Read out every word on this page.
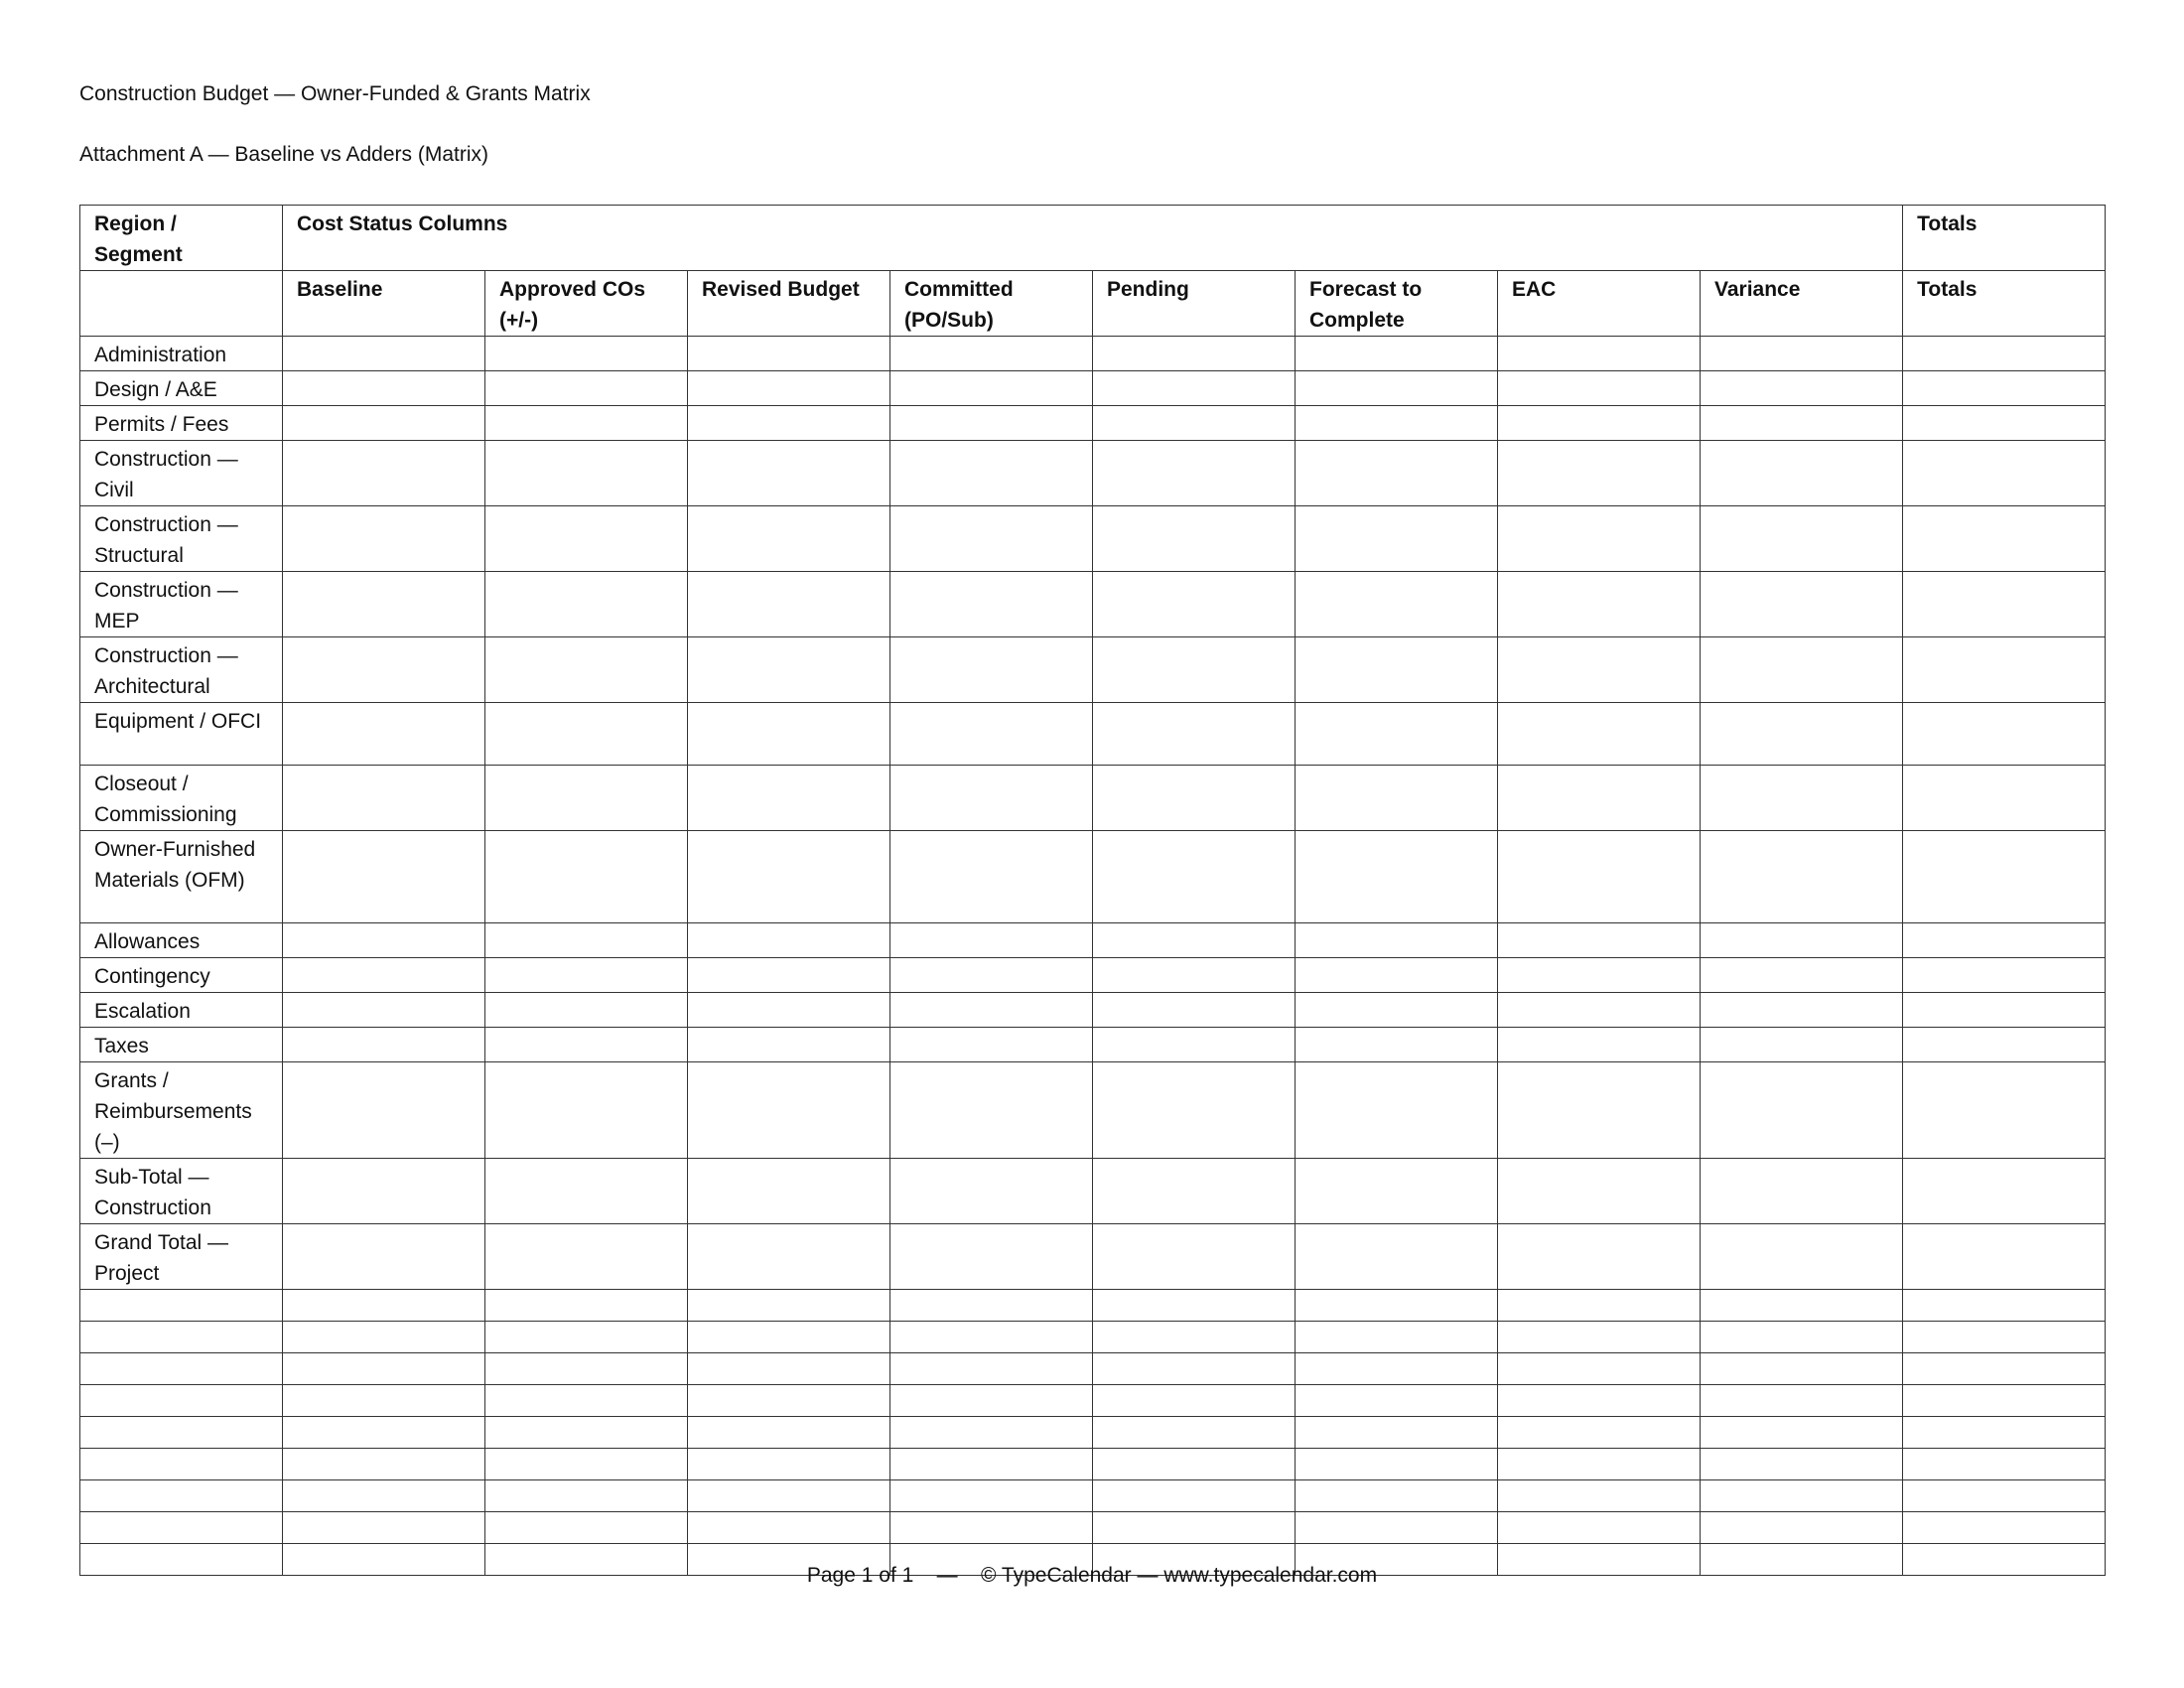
Construction Budget — Owner-Funded & Grants Matrix
Attachment A — Baseline vs Adders (Matrix)
Region / Segment	Cost Status Columns								Totals
	Baseline	Approved COs (+/-)	Revised Budget	Committed (PO/Sub)	Pending	Forecast to Complete	EAC	Variance	Totals
Administration									
Design / A&E									
Permits / Fees									
Construction — Civil									
Construction — Structural									
Construction — MEP									
Construction — Architectural									
Equipment / OFCI									
Closeout / Commissioning									
Owner-Furnished Materials (OFM)									
Allowances									
Contingency									
Escalation									
Taxes									
Grants / Reimbursements (–)									
Sub-Total — Construction									
Grand Total — Project									

Page 1 of 1 — © TypeCalendar — www.typecalendar.com
